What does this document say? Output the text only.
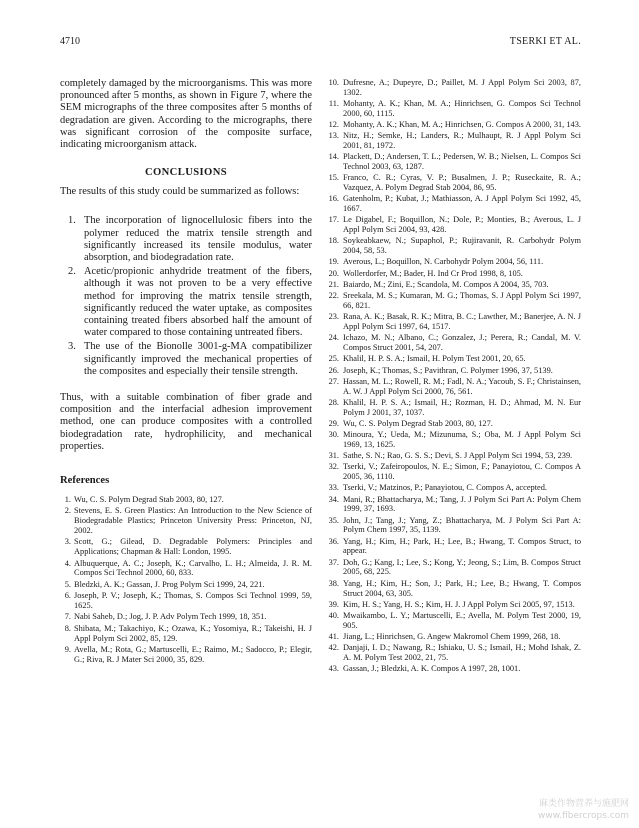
4710	TSERKI ET AL.

completely damaged by the microorganisms. This was more pronounced after 5 months, as shown in Figure 7, where the SEM micrographs of the three composites after 5 months of degradation are given. According to the micrographs, there was significant corrosion of the composite surface, indicating microorganism attack.

CONCLUSIONS

The results of this study could be summarized as follows:

1. The incorporation of lignocellulosic fibers into the polymer reduced the matrix tensile strength and significantly increased its tensile modulus, water absorption, and biodegradation rate.
2. Acetic/propionic anhydride treatment of the fibers, although it was not proven to be a very effective method for improving the matrix tensile strength, significantly reduced the water uptake, as composites containing treated fibers absorbed half the amount of water compared to those containing untreated fibers.
3. The use of the Bionolle 3001-g-MA compatibilizer significantly improved the mechanical properties of the composites and especially their tensile strength.

Thus, with a suitable combination of fiber grade and composition and the interfacial adhesion improvement method, one can produce composites with a controlled biodegradation rate, hydrophilicity, and mechanical properties.

References
1. Wu, C. S. Polym Degrad Stab 2003, 80, 127.
2. Stevens, E. S. Green Plastics: An Introduction to the New Science of Biodegradable Plastics; Princeton University Press: Princeton, NJ, 2002.
3. Scott, G.; Gilead, D. Degradable Polymers: Principles and Applications; Chapman & Hall: London, 1995.
4. Albuquerque, A. C.; Joseph, K.; Carvalho, L. H.; Almeida, J. R. M. Compos Sci Technol 2000, 60, 833.
5. Bledzki, A. K.; Gassan, J. Prog Polym Sci 1999, 24, 221.
6. Joseph, P. V.; Joseph, K.; Thomas, S. Compos Sci Technol 1999, 59, 1625.
7. Nabi Saheb, D.; Jog, J. P. Adv Polym Tech 1999, 18, 351.
8. Shibata, M.; Takachiyo, K.; Ozawa, K.; Yosomiya, R.; Takeishi, H. J Appl Polym Sci 2002, 85, 129.
9. Avella, M.; Rota, G.; Martuscelli, E.; Raimo, M.; Sadocco, P.; Elegir, G.; Riva, R. J Mater Sci 2000, 35, 829.
10. Dufresne, A.; Dupeyre, D.; Paillet, M. J Appl Polym Sci 2003, 87, 1302.
11. Mohanty, A. K.; Khan, M. A.; Hinrichsen, G. Compos Sci Technol 2000, 60, 1115.
12. Mohanty, A. K.; Khan, M. A.; Hinrichsen, G. Compos A 2000, 31, 143.
13. Nitz, H.; Semke, H.; Landers, R.; Mulhaupt, R. J Appl Polym Sci 2001, 81, 1972.
14. Plackett, D.; Andersen, T. L.; Pedersen, W. B.; Nielsen, L. Compos Sci Technol 2003, 63, 1287.
15. Franco, C. R.; Cyras, V. P.; Busalmen, J. P.; Ruseckaite, R. A.; Vazquez, A. Polym Degrad Stab 2004, 86, 95.
16. Gatenholm, P.; Kubat, J.; Mathiasson, A. J Appl Polym Sci 1992, 45, 1667.
17. Le Digabel, F.; Boquillon, N.; Dole, P.; Monties, B.; Averous, L. J Appl Polym Sci 2004, 93, 428.
18. Soykeabkaew, N.; Supaphol, P.; Rujiravanit, R. Carbohydr Polym 2004, 58, 53.
19. Averous, L.; Boquillon, N. Carbohydr Polym 2004, 56, 111.
20. Wollerdorfer, M.; Bader, H. Ind Cr Prod 1998, 8, 105.
21. Baiardo, M.; Zini, E.; Scandola, M. Compos A 2004, 35, 703.
22. Sreekala, M. S.; Kumaran, M. G.; Thomas, S. J Appl Polym Sci 1997, 66, 821.
23. Rana, A. K.; Basak, R. K.; Mitra, B. C.; Lawther, M.; Banerjee, A. N. J Appl Polym Sci 1997, 64, 1517.
24. Ichazo, M. N.; Albano, C.; Gonzalez, J.; Perera, R.; Candal, M. V. Compos Struct 2001, 54, 207.
25. Khalil, H. P. S. A.; Ismail, H. Polym Test 2001, 20, 65.
26. Joseph, K.; Thomas, S.; Pavithran, C. Polymer 1996, 37, 5139.
27. Hassan, M. L.; Rowell, R. M.; Fadl, N. A.; Yacoub, S. F.; Christainsen, A. W. J Appl Polym Sci 2000, 76, 561.
28. Khalil, H. P. S. A.; Ismail, H.; Rozman, H. D.; Ahmad, M. N. Eur Polym J 2001, 37, 1037.
29. Wu, C. S. Polym Degrad Stab 2003, 80, 127.
30. Minoura, Y.; Ueda, M.; Mizunuma, S.; Oba, M. J Appl Polym Sci 1969, 13, 1625.
31. Sathe, S. N.; Rao, G. S. S.; Devi, S. J Appl Polym Sci 1994, 53, 239.
32. Tserki, V.; Zafeiropoulos, N. E.; Simon, F.; Panayiotou, C. Compos A 2005, 36, 1110.
33. Tserki, V.; Matzinos, P.; Panayiotou, C. Compos A, accepted.
34. Mani, R.; Bhattacharya, M.; Tang, J. J Polym Sci Part A: Polym Chem 1999, 37, 1693.
35. John, J.; Tang, J.; Yang, Z.; Bhattacharya, M. J Polym Sci Part A: Polym Chem 1997, 35, 1139.
36. Yang, H.; Kim, H.; Park, H.; Lee, B.; Hwang, T. Compos Struct, to appear.
37. Doh, G.; Kang, I.; Lee, S.; Kong, Y.; Jeong, S.; Lim, B. Compos Struct 2005, 68, 225.
38. Yang, H.; Kim, H.; Son, J.; Park, H.; Lee, B.; Hwang, T. Compos Struct 2004, 63, 305.
39. Kim, H. S.; Yang, H. S.; Kim, H. J. J Appl Polym Sci 2005, 97, 1513.
40. Mwaikambo, L. Y.; Martuscelli, E.; Avella, M. Polym Test 2000, 19, 905.
41. Jiang, L.; Hinrichsen, G. Angew Makromol Chem 1999, 268, 18.
42. Danjaji, I. D.; Nawang, R.; Ishiaku, U. S.; Ismail, H.; Mohd Ishak, Z. A. M. Polym Test 2002, 21, 75.
43. Gassan, J.; Bledzki, A. K. Compos A 1997, 28, 1001.
麻类作物营养与施肥网
www.fibercrops.com
